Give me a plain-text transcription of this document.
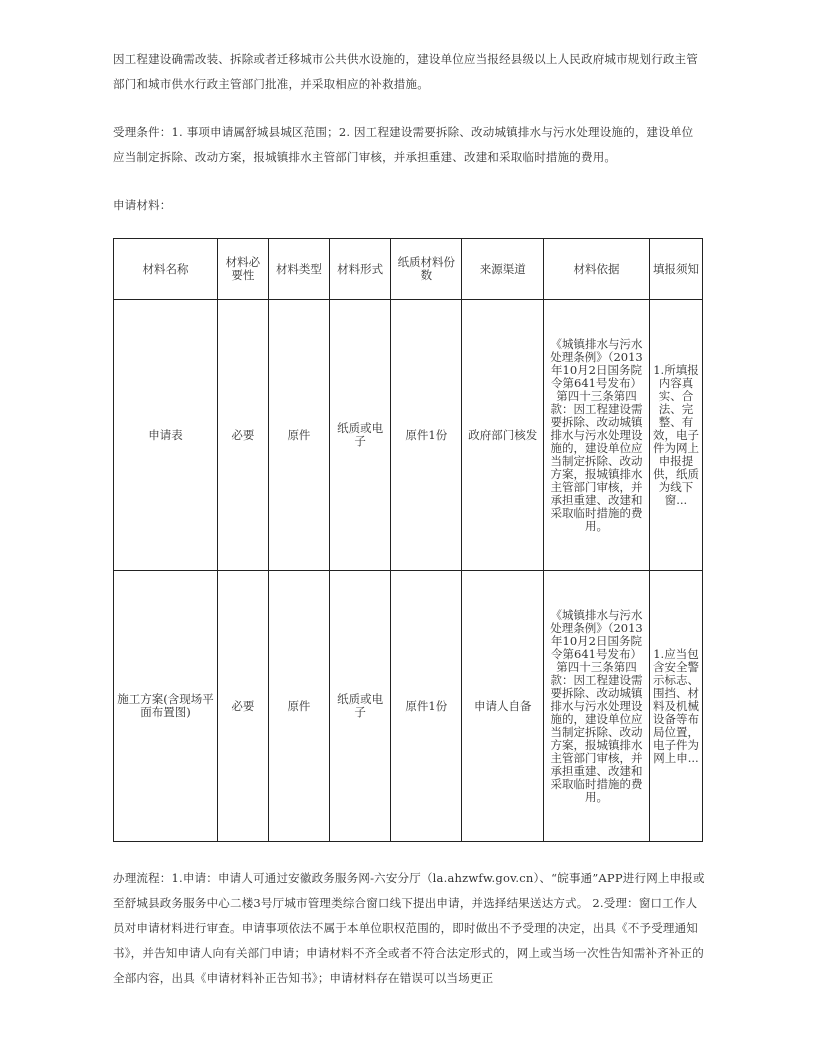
因工程建设确需改装、拆除或者迁移城市公共供水设施的，建设单位应当报经县级以上人民政府城市规划行政主管部门和城市供水行政主管部门批准，并采取相应的补救措施。

受理条件：1. 事项申请属舒城县城区范围；2. 因工程建设需要拆除、改动城镇排水与污水处理设施的，建设单位应当制定拆除、改动方案，报城镇排水主管部门审核，并承担重建、改建和采取临时措施的费用。

申请材料：

材料名称	材料必要性	材料类型	材料形式	纸质材料份数	来源渠道	材料依据	填报须知
申请表	必要	原件	纸质或电子	原件1份	政府部门核发	《城镇排水与污水处理条例》（2013年10月2日国务院令第641号发布）第四十三条第四款：因工程建设需要拆除、改动城镇排水与污水处理设施的，建设单位应当制定拆除、改动方案，报城镇排水主管部门审核，并承担重建、改建和采取临时措施的费用。	1.所填报内容真实、合法、完整、有效，电子件为网上申报提供，纸质为线下窗...

施工方案(含现场平面布置图)	必要	原件	纸质或电子	原件1份	申请人自备	《城镇排水与污水处理条例》（2013年10月2日国务院令第641号发布）第四十三条第四款：因工程建设需要拆除、改动城镇排水与污水处理设施的，建设单位应当制定拆除、改动方案，报城镇排水主管部门审核，并承担重建、改建和采取临时措施的费用。	1.应当包含安全警示标志、围挡、材料及机械设备等布局位置，电子件为网上申...

办理流程：1.申请：申请人可通过安徽政务服务网-六安分厅（la.ahzwfw.gov.cn）、“皖事通”APP进行网上申报或至舒城县政务服务中心二楼3号厅城市管理类综合窗口线下提出申请，并选择结果送达方式。 2.受理：窗口工作人员对申请材料进行审查。申请事项依法不属于本单位职权范围的，即时做出不予受理的决定，出具《不予受理通知书》，并告知申请人向有关部门申请；申请材料不齐全或者不符合法定形式的，网上或当场一次性告知需补齐补正的全部内容，出具《申请材料补正告知书》；申请材料存在错误可以当场更正
